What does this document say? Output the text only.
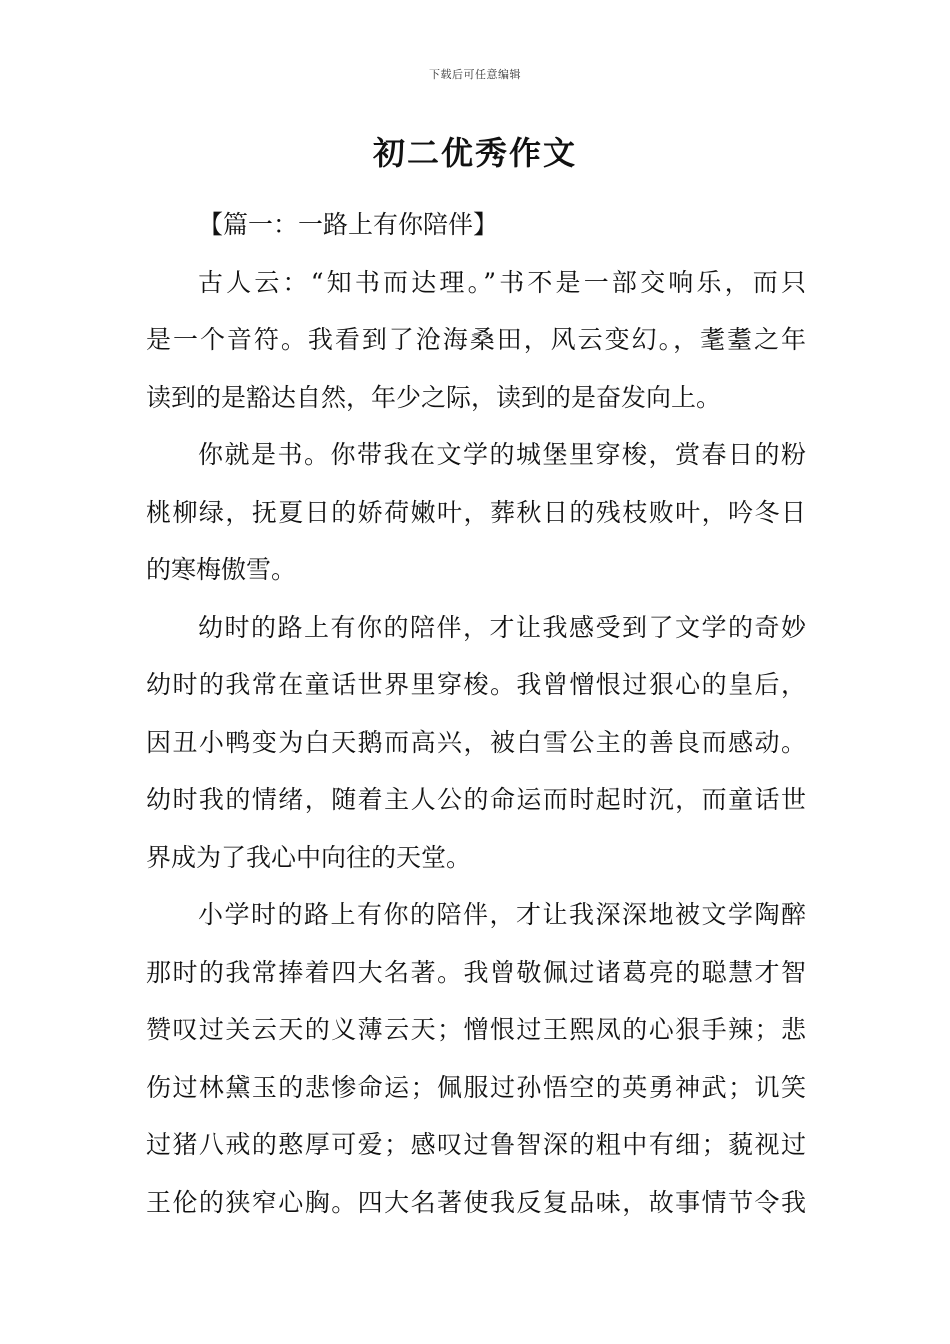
下载后可任意编辑
初二优秀作文
【篇一：一路上有你陪伴】
古人云：“知书而达理。”书不是一部交响乐，而只
是一个音符。我看到了沧海桑田，风云变幻。，耄耋之年
读到的是豁达自然，年少之际，读到的是奋发向上。
你就是书。你带我在文学的城堡里穿梭，赏春日的粉
桃柳绿，抚夏日的娇荷嫩叶，葬秋日的残枝败叶，吟冬日
的寒梅傲雪。
幼时的路上有你的陪伴，才让我感受到了文学的奇妙
幼时的我常在童话世界里穿梭。我曾憎恨过狠心的皇后，
因丑小鸭变为白天鹅而高兴，被白雪公主的善良而感动。
幼时我的情绪，随着主人公的命运而时起时沉，而童话世
界成为了我心中向往的天堂。
小学时的路上有你的陪伴，才让我深深地被文学陶醉
那时的我常捧着四大名著。我曾敬佩过诸葛亮的聪慧才智
赞叹过关云天的义薄云天；憎恨过王熙凤的心狠手辣；悲
伤过林黛玉的悲惨命运；佩服过孙悟空的英勇神武；讥笑
过猪八戒的憨厚可爱；感叹过鲁智深的粗中有细；藐视过
王伦的狭窄心胸。四大名著使我反复品味，故事情节令我
